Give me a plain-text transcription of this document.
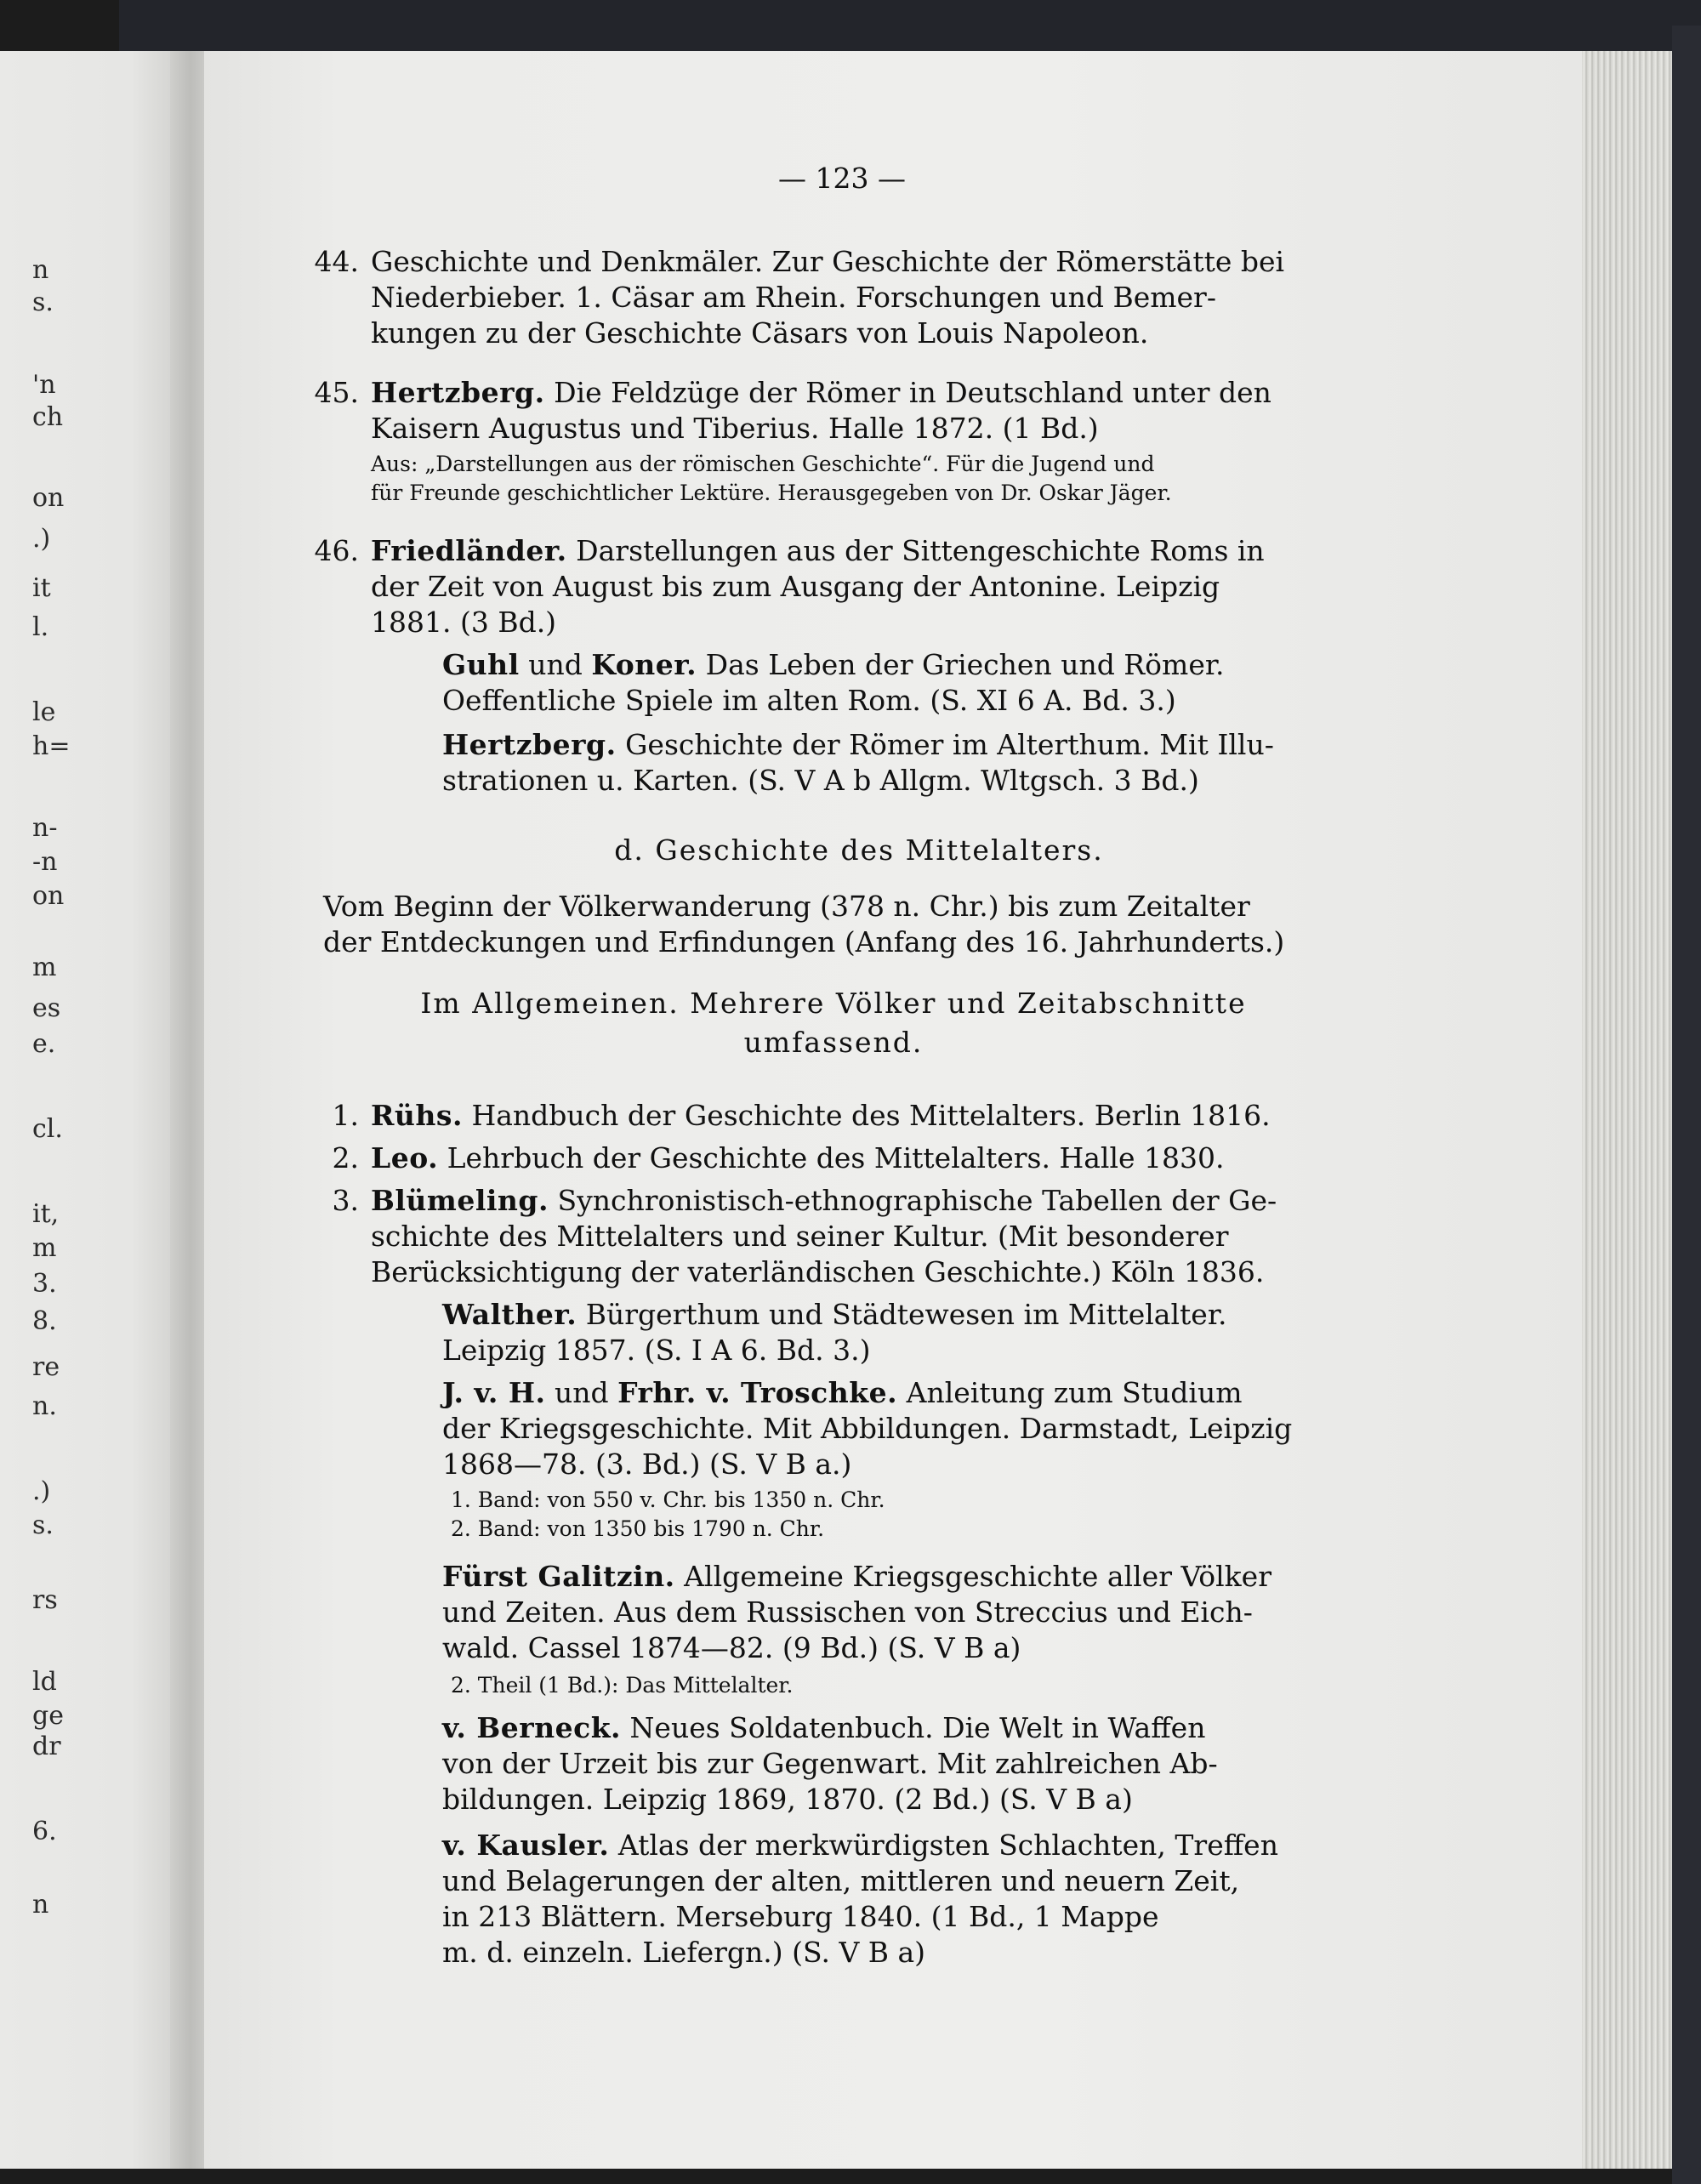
n
s.
'n
ch
on
.)
it
l.
le
h=
n-
-n
on
m
es
e.
cl.
it,
m
3.
8.
re
n.
.)
s.
rs
ld
ge
dr
6.
n
— 123 —
44. Geschichte und Denkmäler. Zur Geschichte der Römerstätte bei
Niederbieber. 1. Cäsar am Rhein. Forschungen und Bemer-
kungen zu der Geschichte Cäsars von Louis Napoleon.
45. Hertzberg. Die Feldzüge der Römer in Deutschland unter den
Kaisern Augustus und Tiberius. Halle 1872. (1 Bd.)
Aus: „Darstellungen aus der römischen Geschichte“. Für die Jugend und
für Freunde geschichtlicher Lektüre. Herausgegeben von Dr. Oskar Jäger.
46. Friedländer. Darstellungen aus der Sittengeschichte Roms in
der Zeit von August bis zum Ausgang der Antonine. Leipzig
1881. (3 Bd.)
Guhl und Koner. Das Leben der Griechen und Römer.
Oeffentliche Spiele im alten Rom. (S. XI 6 A. Bd. 3.)
Hertzberg. Geschichte der Römer im Alterthum. Mit Illu-
strationen u. Karten. (S. V A b Allgm. Wltgsch. 3 Bd.)
d. Geschichte des Mittelalters.
Vom Beginn der Völkerwanderung (378 n. Chr.) bis zum Zeitalter
der Entdeckungen und Erfindungen (Anfang des 16. Jahrhunderts.)
Im Allgemeinen. Mehrere Völker und Zeitabschnitte
umfassend.
1. Rühs. Handbuch der Geschichte des Mittelalters. Berlin 1816.
2. Leo. Lehrbuch der Geschichte des Mittelalters. Halle 1830.
3. Blümeling. Synchronistisch-ethnographische Tabellen der Ge-
schichte des Mittelalters und seiner Kultur. (Mit besonderer
Berücksichtigung der vaterländischen Geschichte.) Köln 1836.
Walther. Bürgerthum und Städtewesen im Mittelalter.
Leipzig 1857. (S. I A 6. Bd. 3.)
J. v. H. und Frhr. v. Troschke. Anleitung zum Studium
der Kriegsgeschichte. Mit Abbildungen. Darmstadt, Leipzig
1868—78. (3. Bd.) (S. V B a.)
1. Band: von 550 v. Chr. bis 1350 n. Chr.
2. Band: von 1350 bis 1790 n. Chr.
Fürst Galitzin. Allgemeine Kriegsgeschichte aller Völker
und Zeiten. Aus dem Russischen von Streccius und Eich-
wald. Cassel 1874—82. (9 Bd.) (S. V B a)
2. Theil (1 Bd.): Das Mittelalter.
v. Berneck. Neues Soldatenbuch. Die Welt in Waffen
von der Urzeit bis zur Gegenwart. Mit zahlreichen Ab-
bildungen. Leipzig 1869, 1870. (2 Bd.) (S. V B a)
v. Kausler. Atlas der merkwürdigsten Schlachten, Treffen
und Belagerungen der alten, mittleren und neuern Zeit,
in 213 Blättern. Merseburg 1840. (1 Bd., 1 Mappe
m. d. einzeln. Liefergn.) (S. V B a)
